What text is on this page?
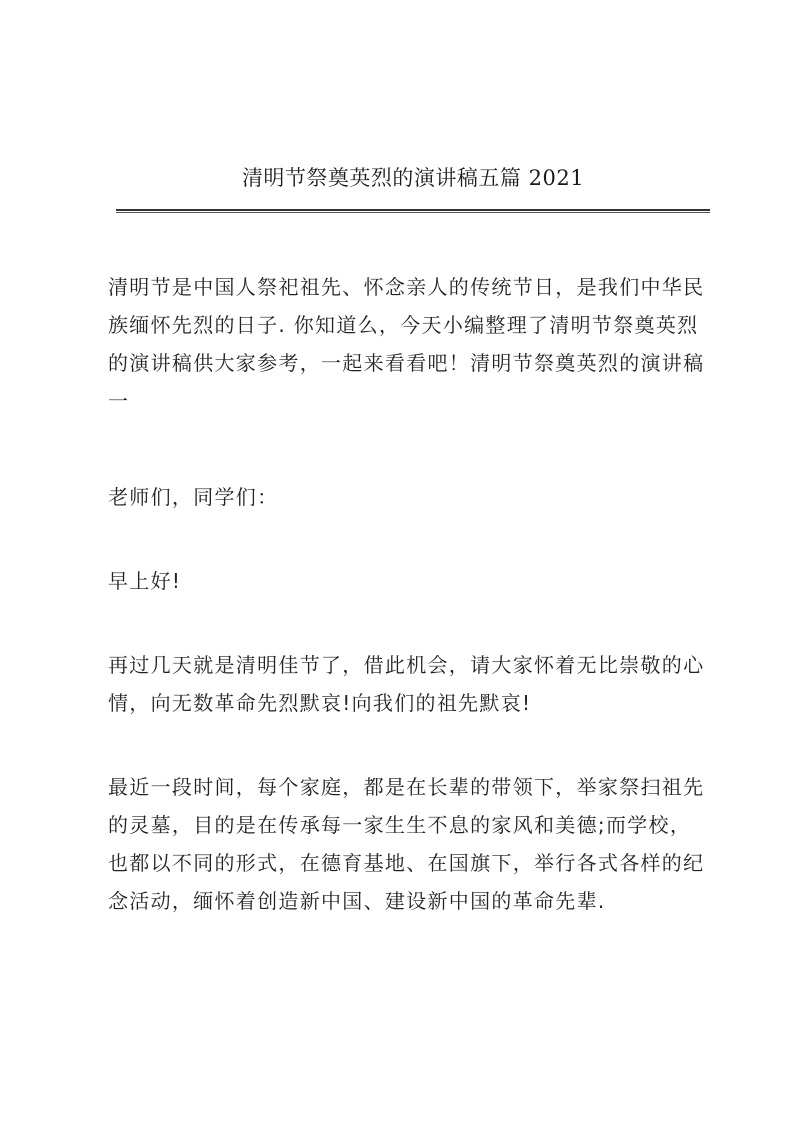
清明节祭奠英烈的演讲稿五篇 2021

清明节是中国人祭祀祖先、怀念亲人的传统节日，是我们中华民
族缅怀先烈的日子. 你知道么，今天小编整理了清明节祭奠英烈
的演讲稿供大家参考，一起来看看吧！清明节祭奠英烈的演讲稿
一

老师们，同学们：

早上好!

再过几天就是清明佳节了，借此机会，请大家怀着无比崇敬的心
情，向无数革命先烈默哀!向我们的祖先默哀!

最近一段时间，每个家庭，都是在长辈的带领下，举家祭扫祖先
的灵墓，目的是在传承每一家生生不息的家风和美德;而学校，
也都以不同的形式，在德育基地、在国旗下，举行各式各样的纪
念活动，缅怀着创造新中国、建设新中国的革命先辈.
